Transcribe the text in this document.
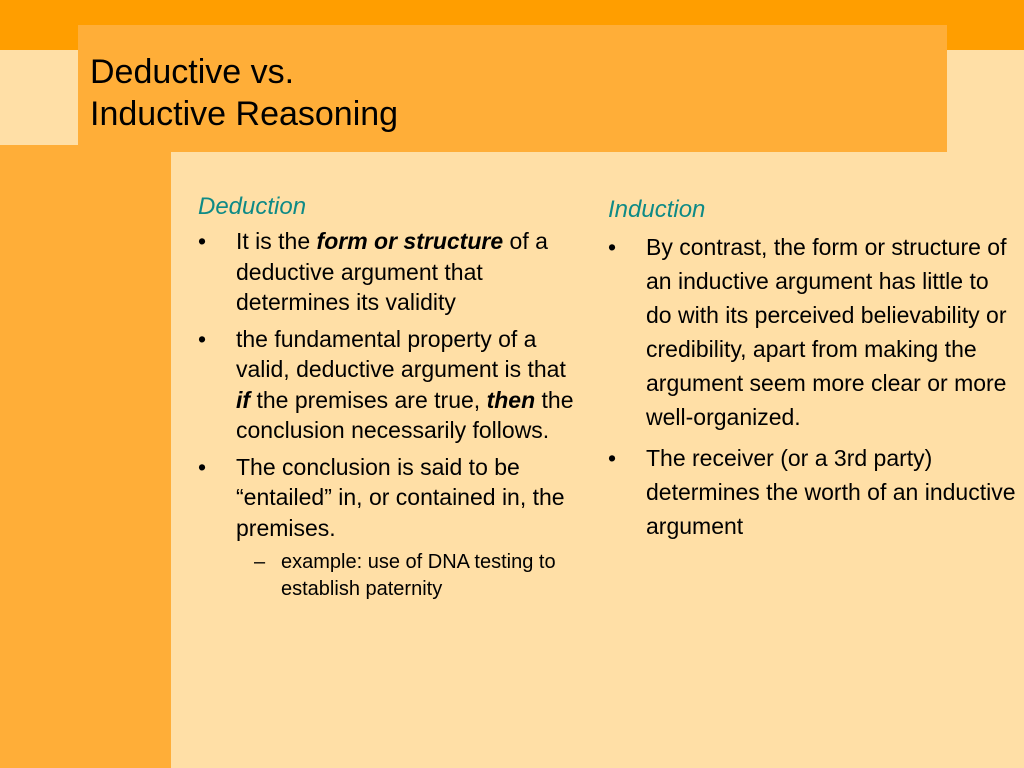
Deductive vs.
Inductive Reasoning
Deduction
• It is the form or structure of a deductive argument that determines its validity
• the fundamental property of a valid, deductive argument is that if the premises are true, then the conclusion necessarily follows.
• The conclusion is said to be “entailed” in, or contained in, the premises.
– example: use of DNA testing to establish paternity
Induction
• By contrast, the form or structure of an inductive argument has little to do with its perceived believability or credibility, apart from making the argument seem more clear or more well-organized.
• The receiver (or a 3rd party) determines the worth of an inductive argument
